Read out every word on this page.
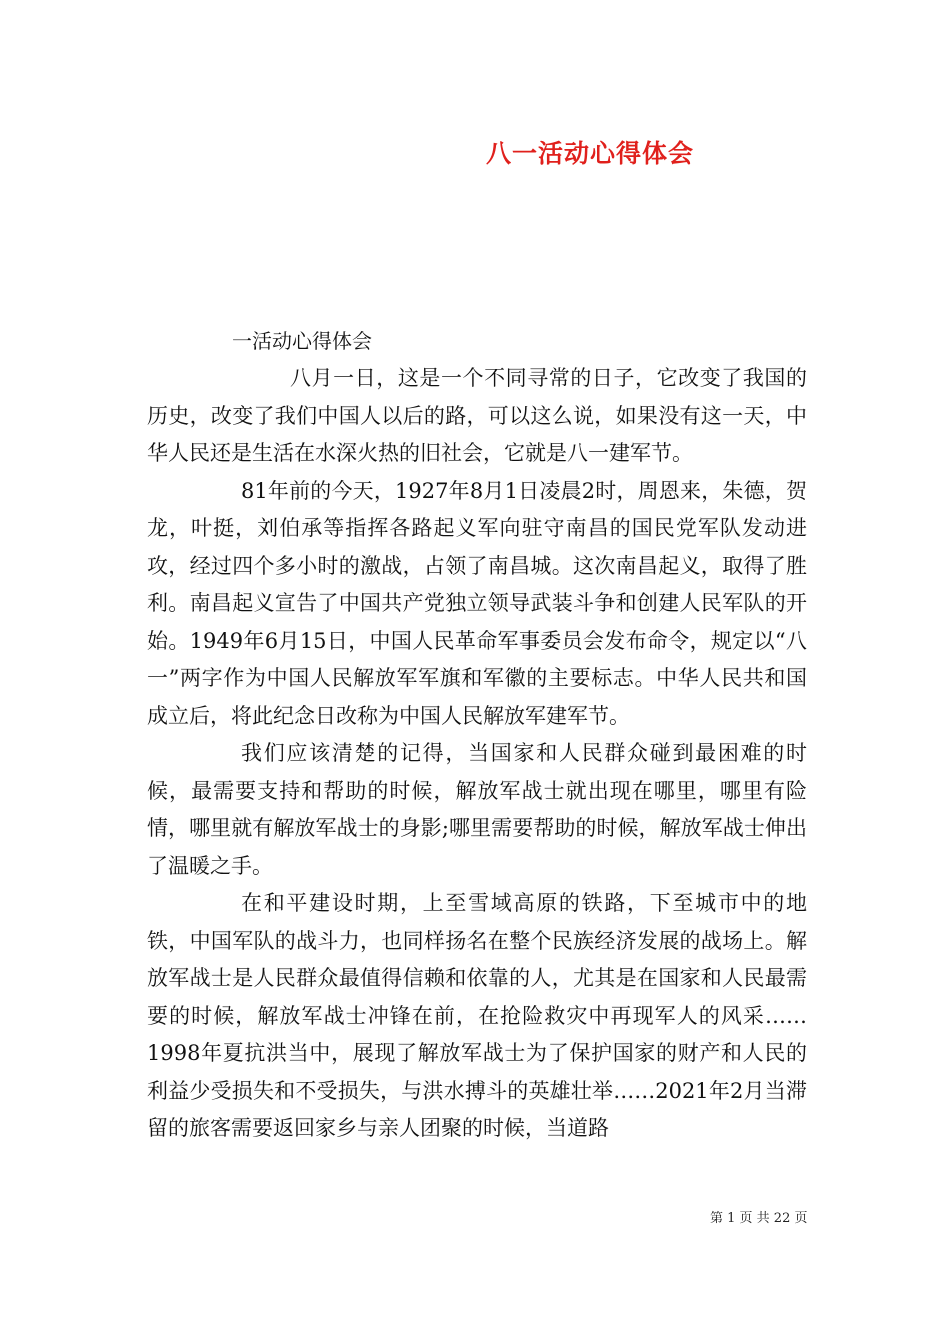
八一活动心得体会
一活动心得体会

八月一日，这是一个不同寻常的日子，它改变了我国的历史，改变了我们中国人以后的路，可以这么说，如果没有这一天，中华人民还是生活在水深火热的旧社会，它就是八一建军节。

81年前的今天，1927年8月1日凌晨2时，周恩来，朱德，贺龙，叶挺，刘伯承等指挥各路起义军向驻守南昌的国民党军队发动进攻，经过四个多小时的激战，占领了南昌城。这次南昌起义，取得了胜利。南昌起义宣告了中国共产党独立领导武装斗争和创建人民军队的开始。1949年6月15日，中国人民革命军事委员会发布命令，规定以“八一”两字作为中国人民解放军军旗和军徽的主要标志。中华人民共和国成立后，将此纪念日改称为中国人民解放军建军节。

我们应该清楚的记得，当国家和人民群众碰到最困难的时候，最需要支持和帮助的时候，解放军战士就出现在哪里，哪里有险情，哪里就有解放军战士的身影;哪里需要帮助的时候，解放军战士伸出了温暖之手。

在和平建设时期，上至雪域高原的铁路，下至城市中的地铁，中国军队的战斗力，也同样扬名在整个民族经济发展的战场上。解放军战士是人民群众最值得信赖和依靠的人，尤其是在国家和人民最需要的时候，解放军战士冲锋在前，在抢险救灾中再现军人的风采……1998年夏抗洪当中，展现了解放军战士为了保护国家的财产和人民的利益少受损失和不受损失，与洪水搏斗的英雄壮举……2021年2月当滞留的旅客需要返回家乡与亲人团聚的时候，当道路

第 1 页 共 22 页
